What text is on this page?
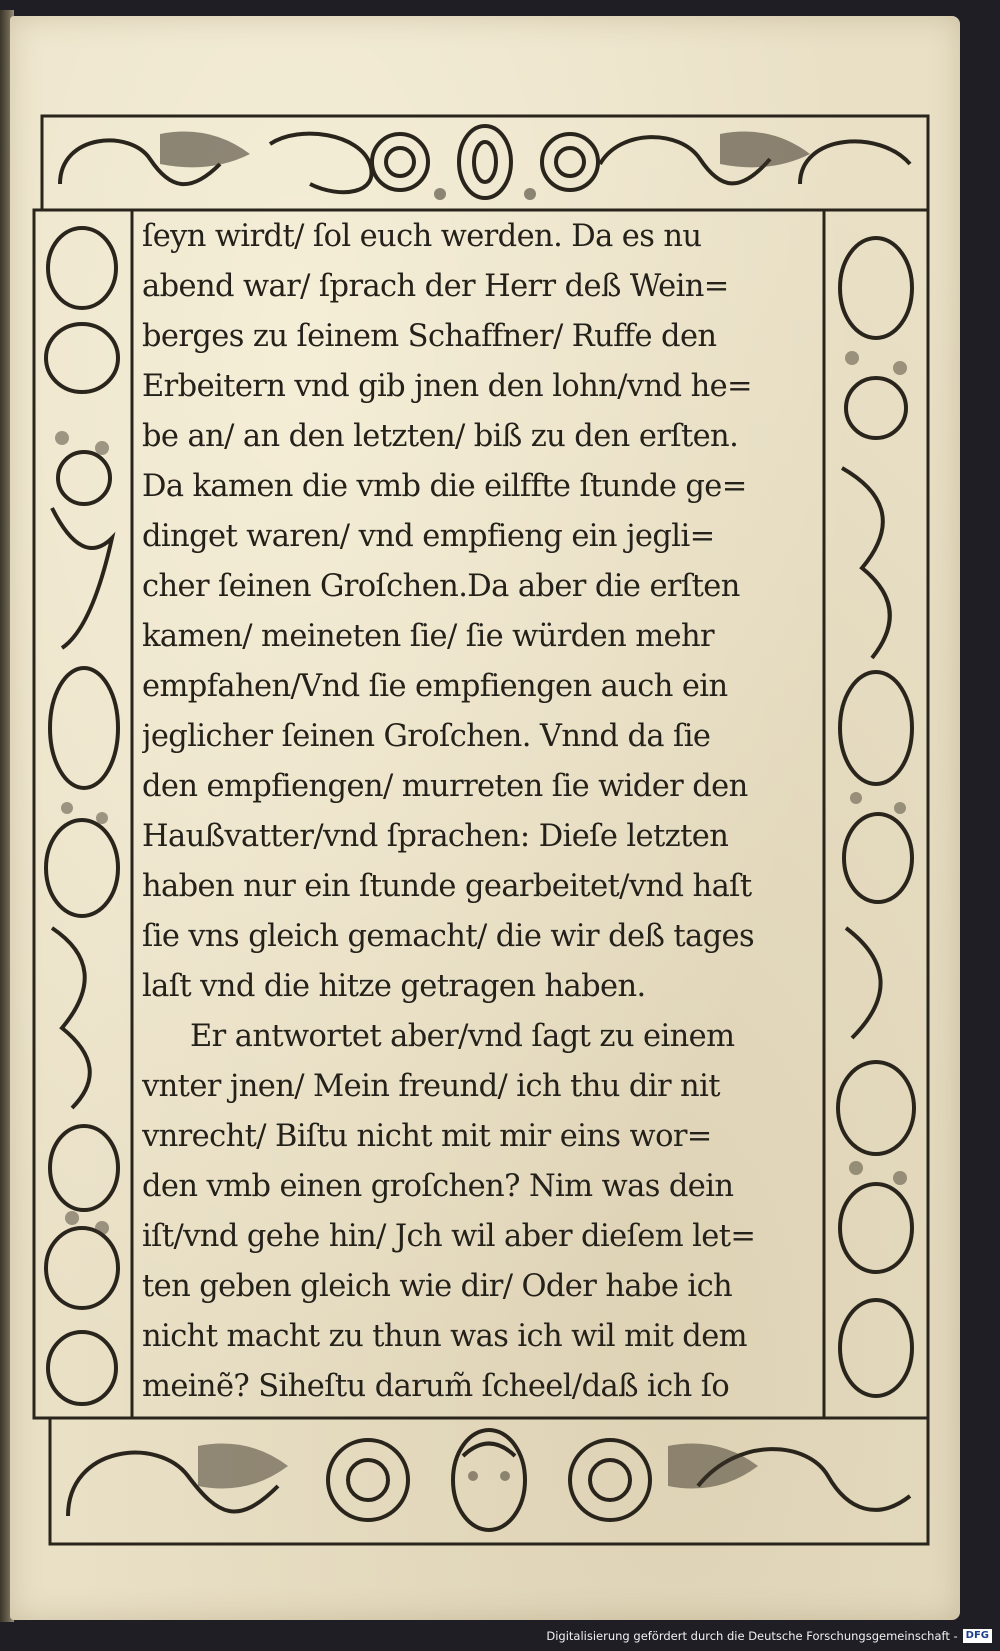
ſeyn wirdt/ ſol euch werden. Da es nu
abend war/ ſprach der Herr deß Wein=
berges zu ſeinem Schaffner/ Ruffe den
Erbeitern vnd gib jnen den lohn/vnd he=
be an/ an den letzten/ biß zu den erſten.
Da kamen die vmb die eilffte ſtunde ge=
dinget waren/ vnd empfieng ein jegli=
cher ſeinen Groſchen.Da aber die erſten
kamen/ meineten ſie/ ſie würden mehr
empfahen/Vnd ſie empfiengen auch ein
jeglicher ſeinen Groſchen. Vnnd da ſie
den empfiengen/ murreten ſie wider den
Haußvatter/vnd ſprachen: Dieſe letzten
haben nur ein ſtunde gearbeitet/vnd haſt
ſie vns gleich gemacht/ die wir deß tages
laſt vnd die hitze getragen haben.
Er antwortet aber/vnd ſagt zu einem
vnter jnen/ Mein freund/ ich thu dir nit
vnrecht/ Biſtu nicht mit mir eins wor=
den vmb einen groſchen? Nim was dein
iſt/vnd gehe hin/ Jch wil aber dieſem let=
ten geben gleich wie dir/ Oder habe ich
nicht macht zu thun was ich wil mit dem
meinẽ? Siheſtu darum̃ ſcheel/daß ich ſo
Digitalisierung gefördert durch die Deutsche Forschungsgemeinschaft - DFG
